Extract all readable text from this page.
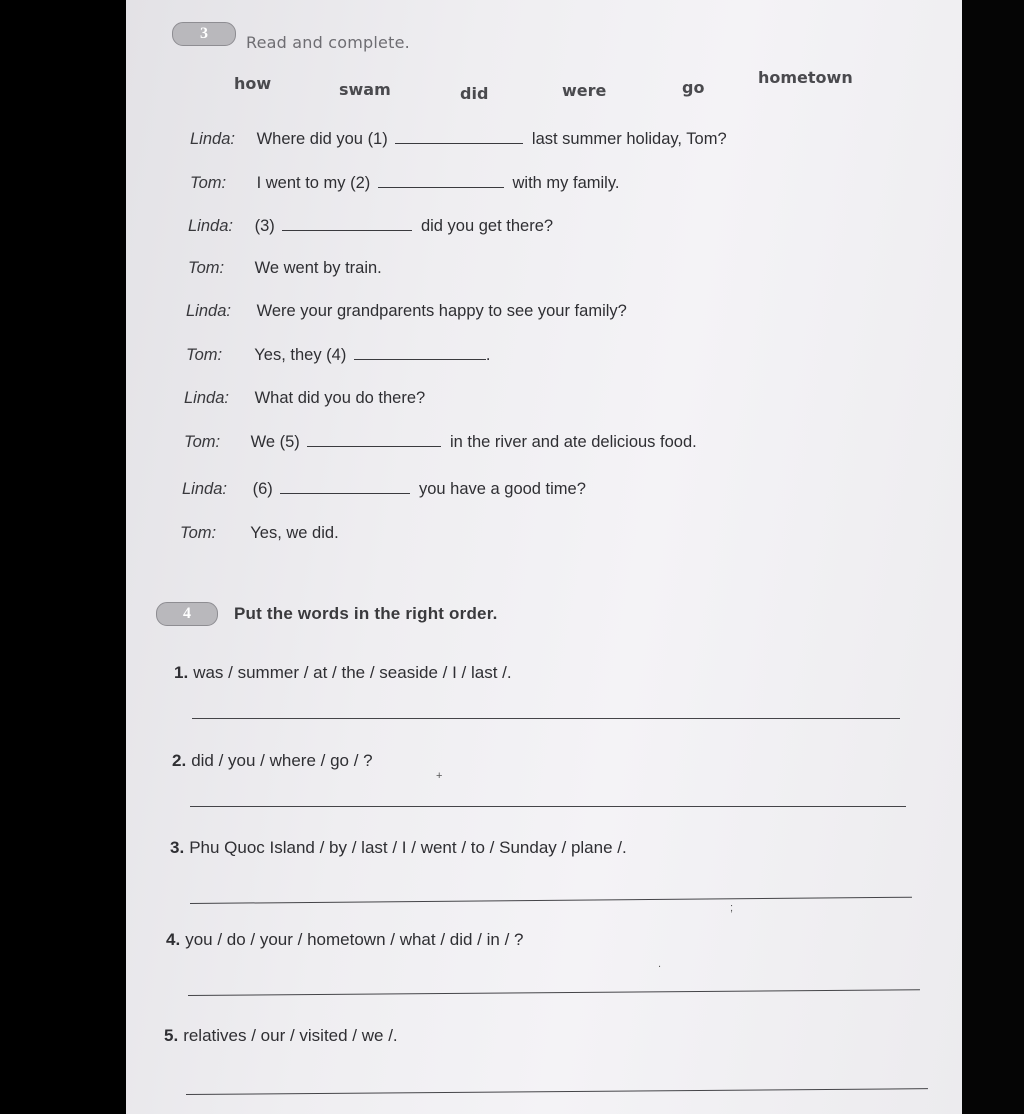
3	Read and complete.
how	swam	did	were	go
hometown
Linda: Where did you (1)	last summer holiday, Tom?
Tom: I went to my (2)	with my family.
Linda: (3)	did you get there?
Tom: We went by train.
Linda: Were your grandparents happy to see your family?
Tom: Yes, they (4)	.
Linda: What did you do there?
Tom: We (5)	in the river and ate delicious food.
Linda: (6)	you have a good time?
Tom: Yes, we did.
4	Put the words in the right order.
1. was / summer / at / the / seaside / I / last /.
2. did / you / where / go / ?
3. Phu Quoc Island / by / last / I / went / to / Sunday / plane /.
4. you / do / your / hometown / what / did / in / ?
5. relatives / our / visited / we /.
+
;
.
